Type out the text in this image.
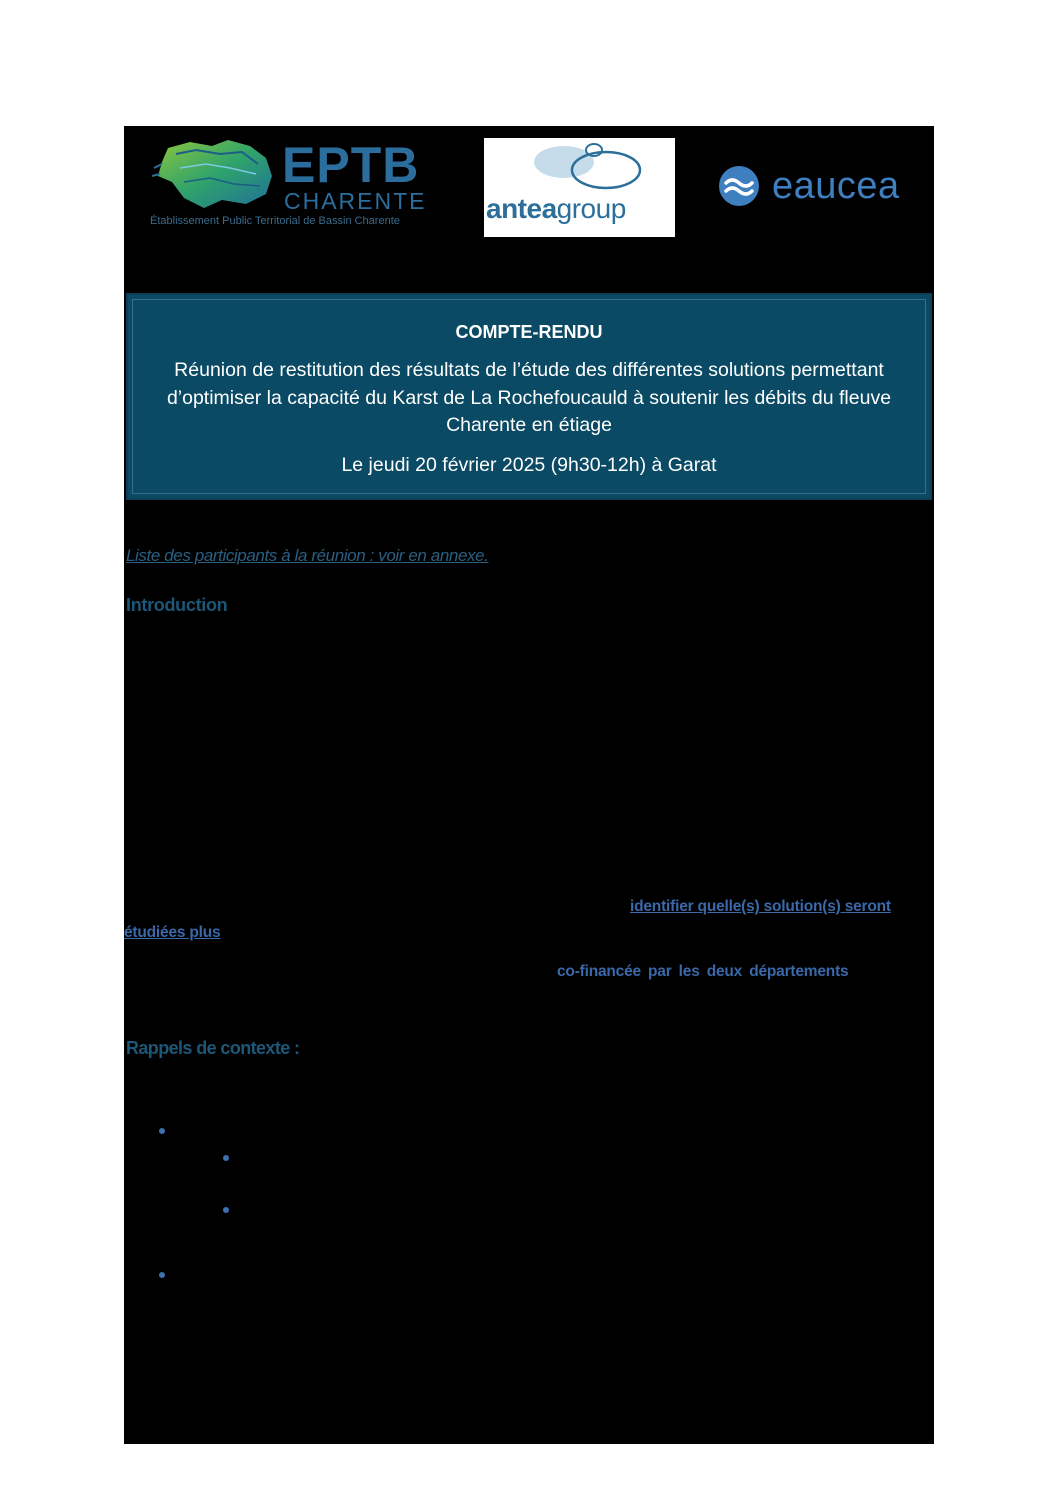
EPTB
CHARENTE
Établissement Public Territorial de Bassin Charente	anteagroup
eaucea
COMPTE-RENDU
Réunion de restitution des résultats de l’étude des différentes solutions permettant d’optimiser la capacité du Karst de La Rochefoucauld à soutenir les débits du fleuve Charente en étiage
Le jeudi 20 février 2025 (9h30-12h) à Garat
Liste des participants à la réunion : voir en annexe.
Introduction
identifier quelle(s) solution(s) seront
étudiées plus
co-financée par les deux départements
Rappels de contexte :
